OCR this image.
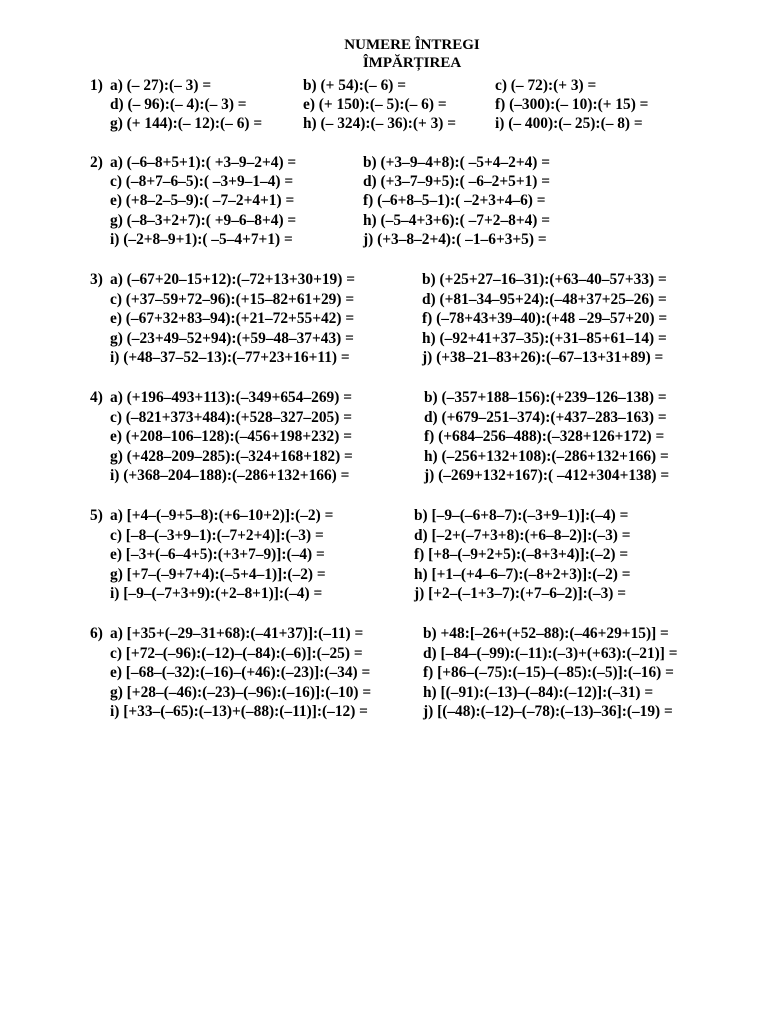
NUMERE ÎNTREGI
ÎMPĂRȚIREA
1) a) (– 27):(– 3) =	b) (+ 54):(– 6) =	c) (– 72):(+ 3) =
d) (– 96):(– 4):(– 3) =	e) (+ 150):(– 5):(– 6) =	f) (–300):(– 10):(+ 15) =
g) (+ 144):(– 12):(– 6) =	h) (– 324):(– 36):(+ 3) =	i) (– 400):(– 25):(– 8) =
2) a) (–6–8+5+1):( +3–9–2+4) =	b) (+3–9–4+8):( –5+4–2+4) =
c) (–8+7–6–5):( –3+9–1–4) =	d) (+3–7–9+5):( –6–2+5+1) =
e) (+8–2–5–9):( –7–2+4+1) =	f) (–6+8–5–1):( –2+3+4–6) =
g) (–8–3+2+7):( +9–6–8+4) =	h) (–5–4+3+6):( –7+2–8+4) =
i) (–2+8–9+1):( –5–4+7+1) =	j) (+3–8–2+4):( –1–6+3+5) =
3) a) (–67+20–15+12):(–72+13+30+19) =	b) (+25+27–16–31):(+63–40–57+33) =
c) (+37–59+72–96):(+15–82+61+29) =	d) (+81–34–95+24):(–48+37+25–26) =
e) (–67+32+83–94):(+21–72+55+42) =	f) (–78+43+39–40):(+48 –29–57+20) =
g) (–23+49–52+94):(+59–48–37+43) =	h) (–92+41+37–35):(+31–85+61–14) =
i) (+48–37–52–13):(–77+23+16+11) =	j) (+38–21–83+26):(–67–13+31+89) =
4) a) (+196–493+113):(–349+654–269) =	b) (–357+188–156):(+239–126–138) =
c) (–821+373+484):(+528–327–205) =	d) (+679–251–374):(+437–283–163) =
e) (+208–106–128):(–456+198+232) =	f) (+684–256–488):(–328+126+172) =
g) (+428–209–285):(–324+168+182) =	h) (–256+132+108):(–286+132+166) =
i) (+368–204–188):(–286+132+166) =	j) (–269+132+167):( –412+304+138) =
5) a) [+4–(–9+5–8):(+6–10+2)]:(–2) =	b) [–9–(–6+8–7):(–3+9–1)]:(–4) =
c) [–8–(–3+9–1):(–7+2+4)]:(–3) =	d) [–2+(–7+3+8):(+6–8–2)]:(–3) =
e) [–3+(–6–4+5):(+3+7–9)]:(–4) =	f) [+8–(–9+2+5):(–8+3+4)]:(–2) =
g) [+7–(–9+7+4):(–5+4–1)]:(–2) =	h) [+1–(+4–6–7):(–8+2+3)]:(–2) =
i) [–9–(–7+3+9):(+2–8+1)]:(–4) =	j) [+2–(–1+3–7):(+7–6–2)]:(–3) =
6) a) [+35+(–29–31+68):(–41+37)]:(–11) =	b) +48:[–26+(+52–88):(–46+29+15)] =
c) [+72–(–96):(–12)–(–84):(–6)]:(–25) =	d) [–84–(–99):(–11):(–3)+(+63):(–21)] =
e) [–68–(–32):(–16)–(+46):(–23)]:(–34) =	f) [+86–(–75):(–15)–(–85):(–5)]:(–16) =
g) [+28–(–46):(–23)–(–96):(–16)]:(–10) =	h) [(–91):(–13)–(–84):(–12)]:(–31) =
i) [+33–(–65):(–13)+(–88):(–11)]:(–12) =	j) [(–48):(–12)–(–78):(–13)–36]:(–19) =
